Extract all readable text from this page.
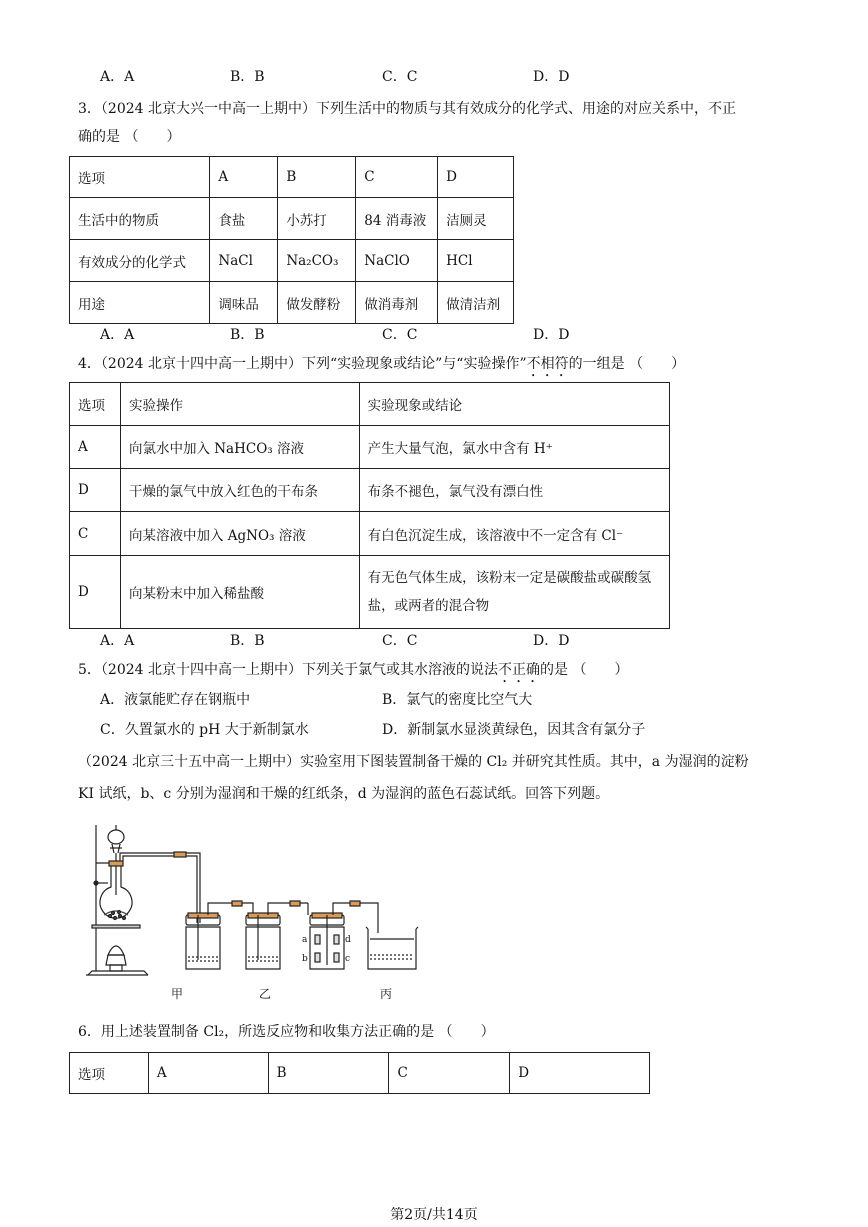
A．A	B．B	C．C	D．D
3．（2024 北京大兴一中高一上期中）下列生活中的物质与其有效成分的化学式、用途的对应关系中，不正
确的是 （　　）
选项	A	B	C	D
生活中的物质	食盐	小苏打	84 消毒液	洁厕灵
有效成分的化学式	NaCl	Na₂CO₃	NaClO	HCl
用途	调味品	做发酵粉	做消毒剂	做清洁剂
A．A	B．B	C．C	D．D
4．（2024 北京十四中高一上期中）下列“实验现象或结论”与“实验操作”不相符的一组是 （　　）
选项	实验操作	实验现象或结论
A	向氯水中加入 NaHCO₃ 溶液	产生大量气泡，氯水中含有 H⁺
D	干燥的氯气中放入红色的干布条	布条不褪色，氯气没有漂白性
C	向某溶液中加入 AgNO₃ 溶液	有白色沉淀生成，该溶液中不一定含有 Cl⁻
D	向某粉末中加入稀盐酸	有无色气体生成，该粉末一定是碳酸盐或碳酸氢盐，或两者的混合物
A．A	B．B	C．C	D．D
5．（2024 北京十四中高一上期中）下列关于氯气或其水溶液的说法不正确的是 （　　）
A．液氯能贮存在钢瓶中	B．氯气的密度比空气大
C．久置氯水的 pH 大于新制氯水	D．新制氯水显淡黄绿色，因其含有氯分子
（2024 北京三十五中高一上期中）实验室用下图装置制备干燥的 Cl₂ 并研究其性质。其中，a 为湿润的淀粉
KI 试纸，b、c 分别为湿润和干燥的红纸条，d 为湿润的蓝色石蕊试纸。回答下列题。
a
b
d
c
甲	乙	丙
6．用上述装置制备 Cl₂，所选反应物和收集方法正确的是 （　　）
选项	A	B	C	D
第2页/共14页
